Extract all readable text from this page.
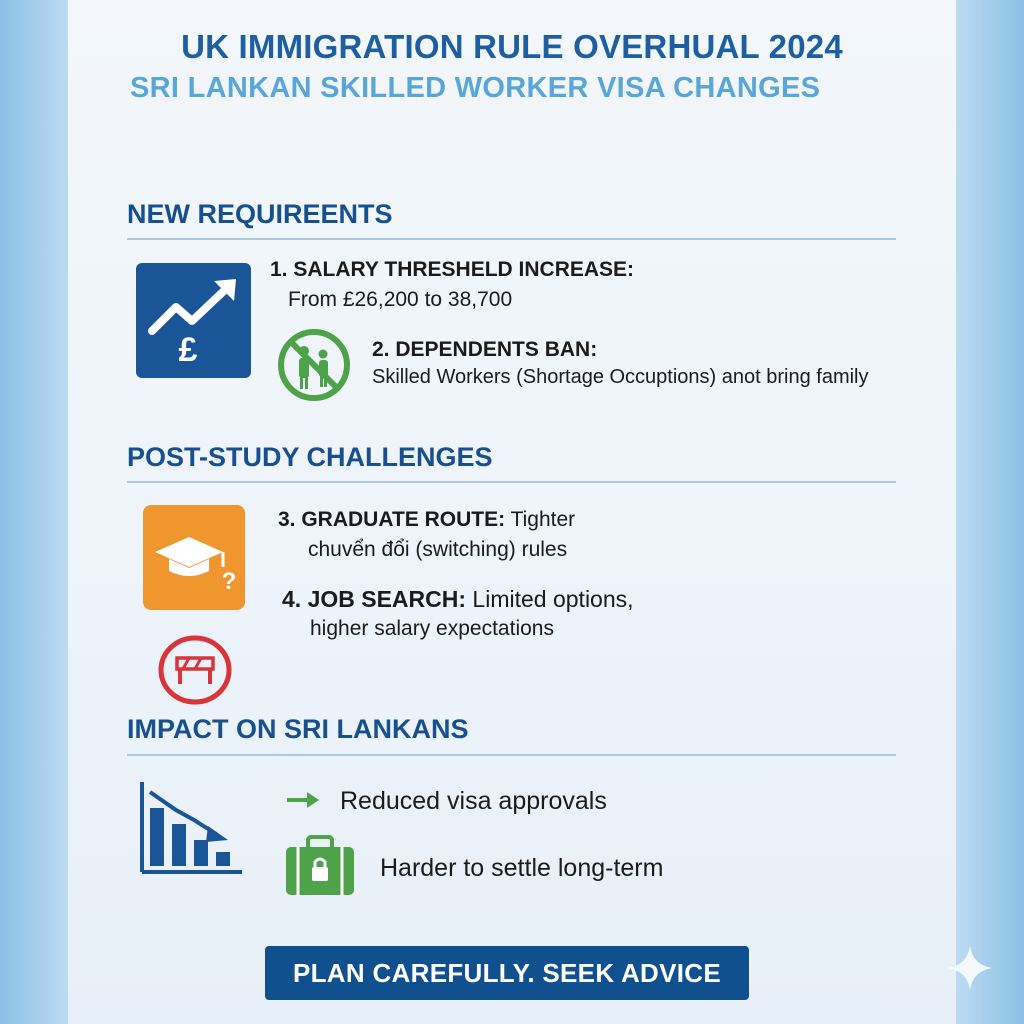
UK IMMIGRATION RULE OVERHUAL 2024
SRI LANKAN SKILLED WORKER VISA CHANGES
NEW REQUIREENTS
£
1. SALARY THRESHELD INCREASE:
From £26,200 to 38,700
2. DEPENDENTS BAN:
Skilled Workers (Shortage Occuptions) anot bring family
POST-STUDY CHALLENGES
?
3. GRADUATE ROUTE: Tighter
chuvển đổi (switching) rules
4. JOB SEARCH: Limited options,
higher salary expectations
IMPACT ON SRI LANKANS
Reduced visa approvals
Harder to settle long-term
PLAN CAREFULLY. SEEK ADVICE
